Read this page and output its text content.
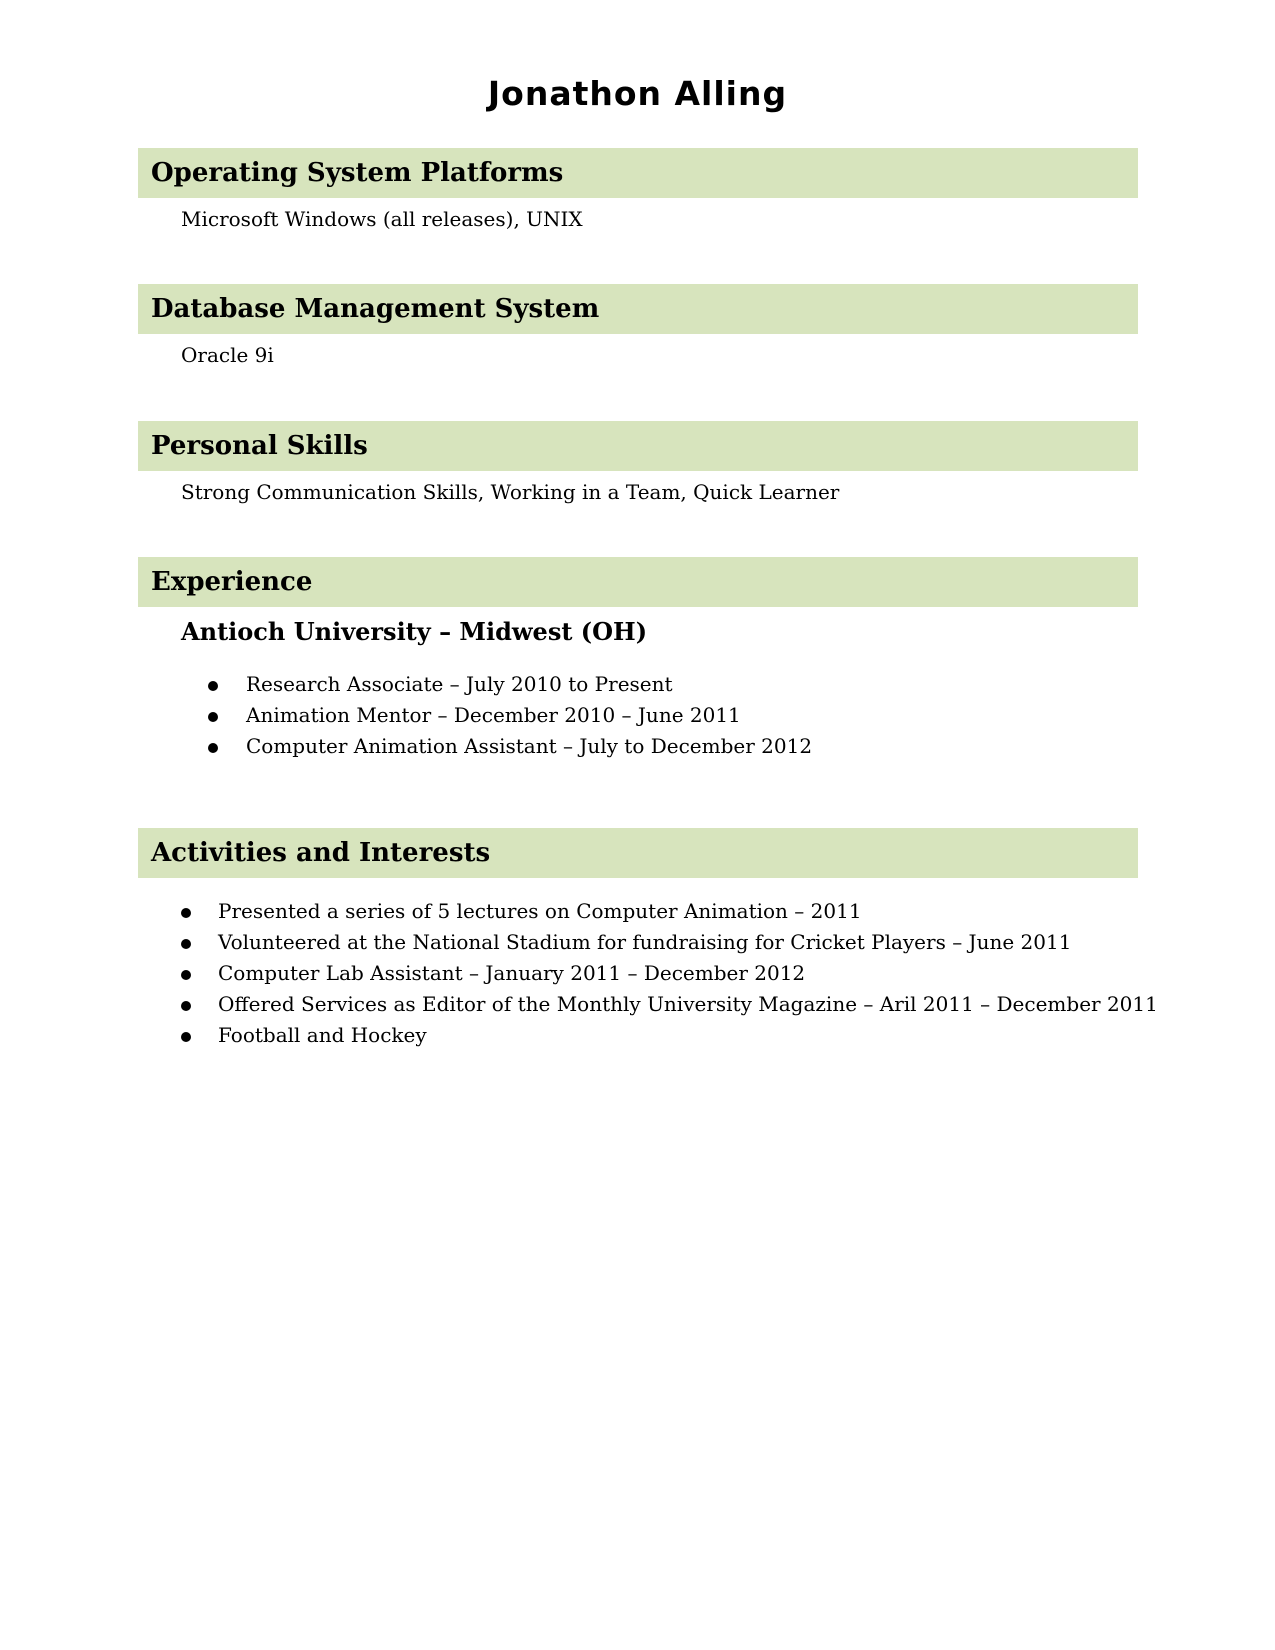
Jonathon Alling
Operating System Platforms

Microsoft Windows (all releases), UNIX

Database Management System

Oracle 9i

Personal Skills

Strong Communication Skills, Working in a Team, Quick Learner

Experience

Antioch University – Midwest (OH)

Research Associate – July 2010 to Present
Animation Mentor – December 2010 – June 2011
Computer Animation Assistant – July to December 2012
Activities and Interests
Presented a series of 5 lectures on Computer Animation – 2011
Volunteered at the National Stadium for fundraising for Cricket Players – June 2011
Computer Lab Assistant – January 2011 – December 2012
Offered Services as Editor of the Monthly University Magazine – Aril 2011 – December 2011
Football and Hockey
